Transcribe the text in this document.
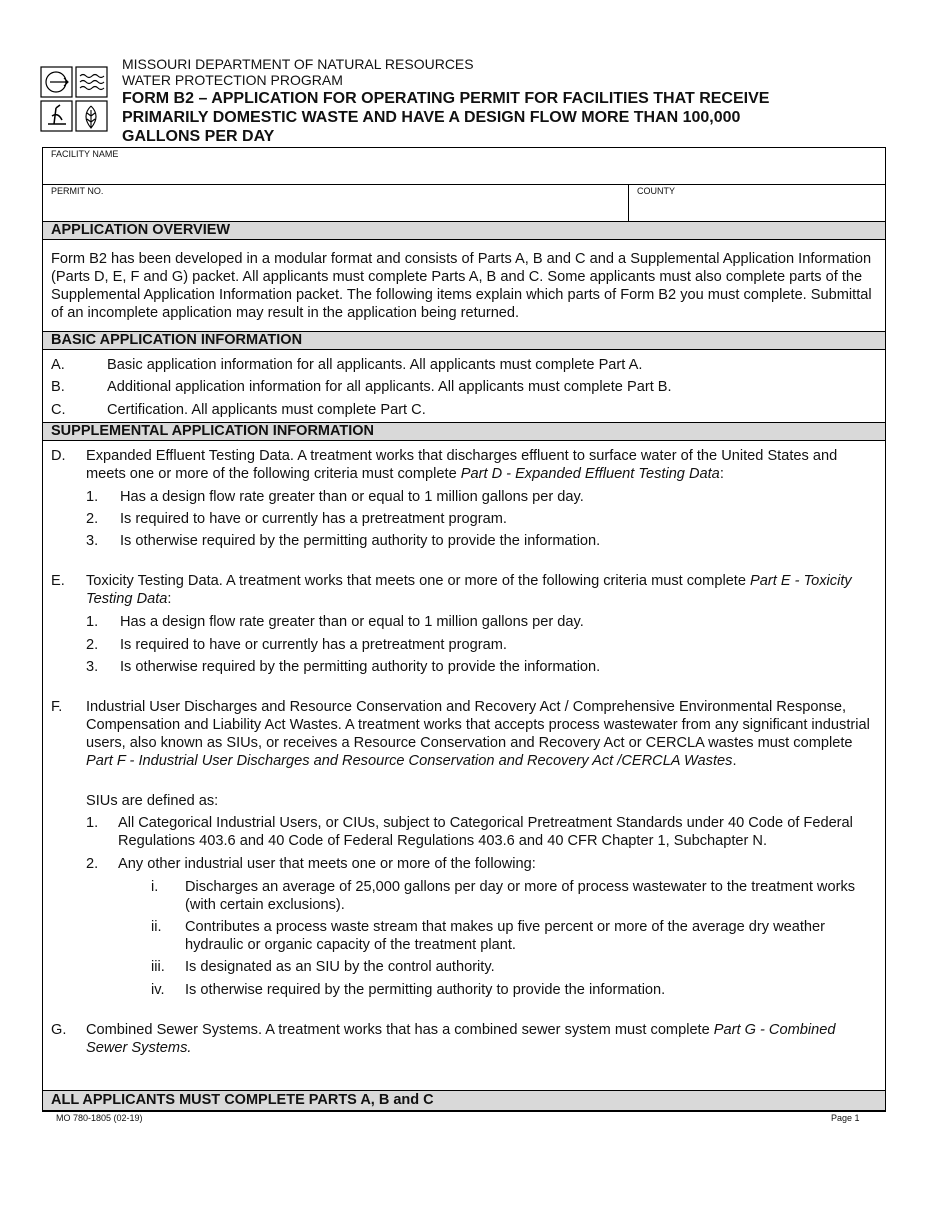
MISSOURI DEPARTMENT OF NATURAL RESOURCES
WATER PROTECTION PROGRAM
FORM B2 – APPLICATION FOR OPERATING PERMIT FOR FACILITIES THAT RECEIVE PRIMARILY DOMESTIC WASTE AND HAVE A DESIGN FLOW MORE THAN 100,000 GALLONS PER DAY
FACILITY NAME
PERMIT NO.	COUNTY
APPLICATION OVERVIEW
Form B2 has been developed in a modular format and consists of Parts A, B and C and a Supplemental Application Information (Parts D, E, F and G) packet. All applicants must complete Parts A, B and C. Some applicants must also complete parts of the Supplemental Application Information packet. The following items explain which parts of Form B2 you must complete. Submittal of an incomplete application may result in the application being returned.
BASIC APPLICATION INFORMATION
A.	Basic application information for all applicants. All applicants must complete Part A.
B.	Additional application information for all applicants. All applicants must complete Part B.
C.	Certification. All applicants must complete Part C.
SUPPLEMENTAL APPLICATION INFORMATION
D. Expanded Effluent Testing Data. A treatment works that discharges effluent to surface water of the United States and meets one or more of the following criteria must complete Part D - Expanded Effluent Testing Data:
1. Has a design flow rate greater than or equal to 1 million gallons per day.
2. Is required to have or currently has a pretreatment program.
3. Is otherwise required by the permitting authority to provide the information.
E. Toxicity Testing Data. A treatment works that meets one or more of the following criteria must complete Part E - Toxicity Testing Data:
1. Has a design flow rate greater than or equal to 1 million gallons per day.
2. Is required to have or currently has a pretreatment program.
3. Is otherwise required by the permitting authority to provide the information.
F. Industrial User Discharges and Resource Conservation and Recovery Act / Comprehensive Environmental Response, Compensation and Liability Act Wastes. A treatment works that accepts process wastewater from any significant industrial users, also known as SIUs, or receives a Resource Conservation and Recovery Act or CERCLA wastes must complete Part F - Industrial User Discharges and Resource Conservation and Recovery Act /CERCLA Wastes.
SIUs are defined as:
1. All Categorical Industrial Users, or CIUs, subject to Categorical Pretreatment Standards under 40 Code of Federal Regulations 403.6 and 40 Code of Federal Regulations 403.6 and 40 CFR Chapter 1, Subchapter N.
2. Any other industrial user that meets one or more of the following:
i. Discharges an average of 25,000 gallons per day or more of process wastewater to the treatment works (with certain exclusions).
ii. Contributes a process waste stream that makes up five percent or more of the average dry weather hydraulic or organic capacity of the treatment plant.
iii. Is designated as an SIU by the control authority.
iv. Is otherwise required by the permitting authority to provide the information.
G. Combined Sewer Systems. A treatment works that has a combined sewer system must complete Part G - Combined Sewer Systems.
ALL APPLICANTS MUST COMPLETE PARTS A, B and C
MO 780-1805 (02-19)	Page 1
